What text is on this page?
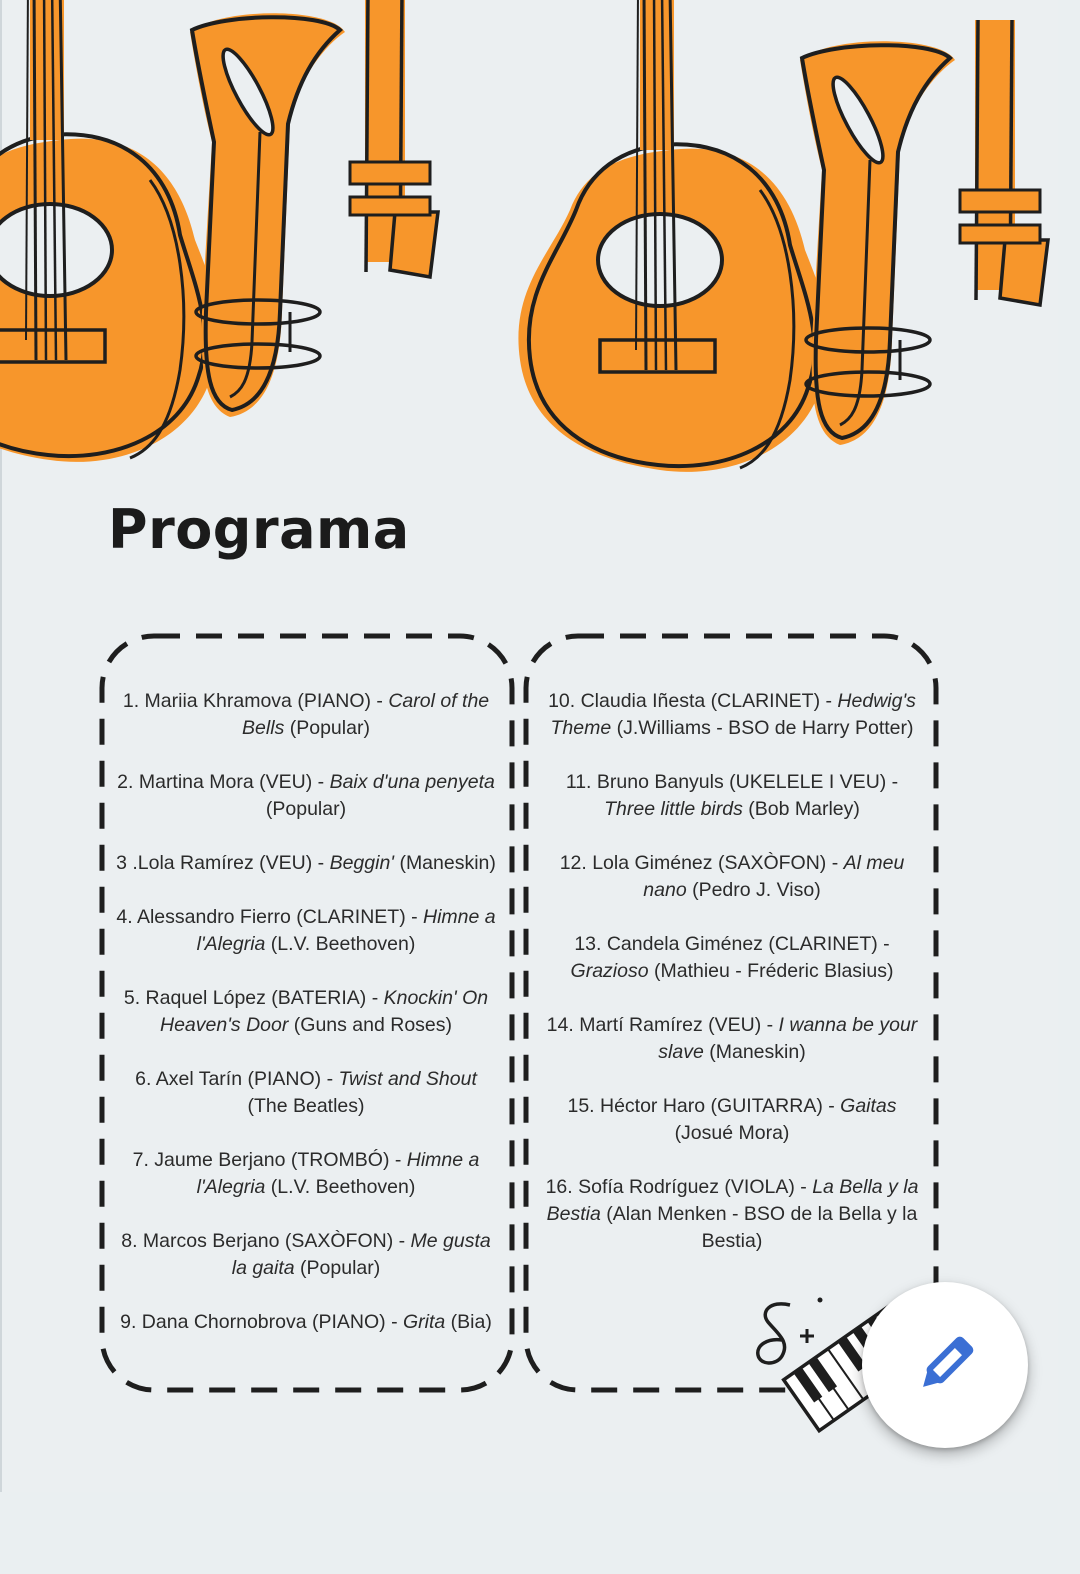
Programa

1. Mariia Khramova (PIANO) - Carol of the Bells (Popular)

2. Martina Mora (VEU) - Baix d'una penyeta (Popular)

3 .Lola Ramírez (VEU) - Beggin' (Maneskin)

4. Alessandro Fierro (CLARINET) - Himne a l'Alegria (L.V. Beethoven)

5. Raquel López (BATERIA) - Knockin' On Heaven's Door (Guns and Roses)

6. Axel Tarín (PIANO) - Twist and Shout (The Beatles)

7. Jaume Berjano (TROMBÓ) - Himne a l'Alegria (L.V. Beethoven)

8. Marcos Berjano (SAXÒFON) - Me gusta la gaita (Popular)

9. Dana Chornobrova (PIANO) - Grita (Bia)

10. Claudia Iñesta (CLARINET) - Hedwig's Theme (J.Williams - BSO de Harry Potter)

11. Bruno Banyuls (UKELELE I VEU) - Three little birds (Bob Marley)

12. Lola Giménez (SAXÒFON) - Al meu nano (Pedro J. Viso)

13. Candela Giménez (CLARINET) - Grazioso (Mathieu - Fréderic Blasius)

14. Martí Ramírez (VEU) - I wanna be your slave (Maneskin)

15. Héctor Haro (GUITARRA) - Gaitas (Josué Mora)

16. Sofía Rodríguez (VIOLA) - La Bella y la Bestia (Alan Menken - BSO de la Bella y la Bestia)
